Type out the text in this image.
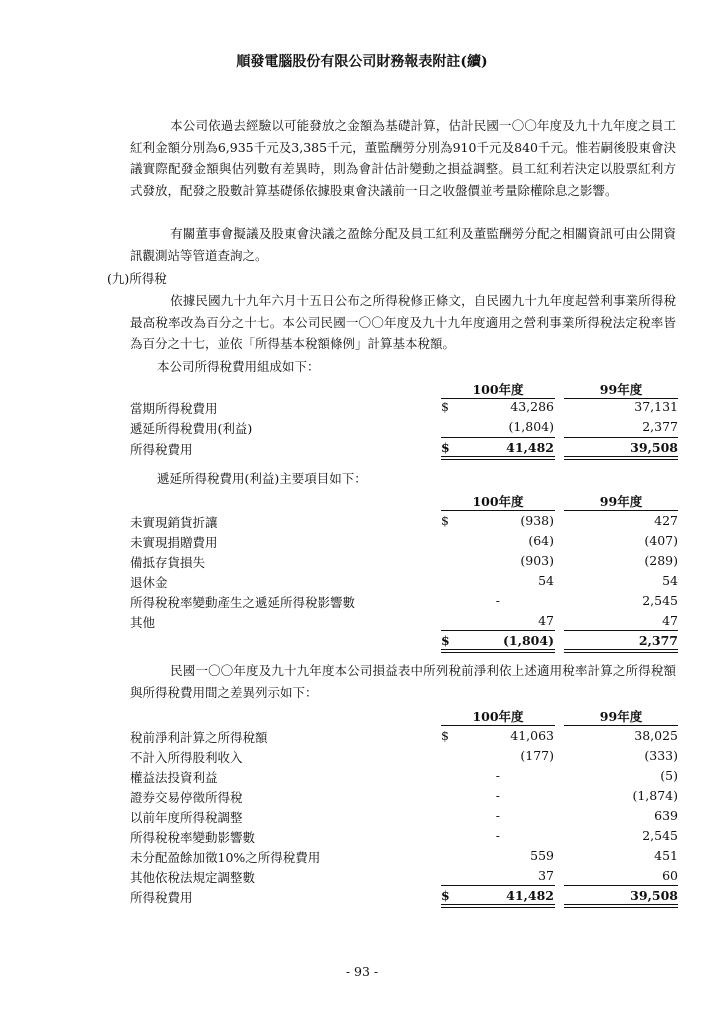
順發電腦股份有限公司財務報表附註(續)
本公司依過去經驗以可能發放之金額為基礎計算，估計民國一〇〇年度及九十九年度之員工紅利金額分別為6,935千元及3,385千元，董監酬勞分別為910千元及840千元。惟若嗣後股東會決議實際配發金額與估列數有差異時，則為會計估計變動之損益調整。員工紅利若決定以股票紅利方式發放，配發之股數計算基礎係依據股東會決議前一日之收盤價並考量除權除息之影響。
有關董事會擬議及股東會決議之盈餘分配及員工紅利及董監酬勞分配之相關資訊可由公開資訊觀測站等管道查詢之。
(九)所得稅
依據民國九十九年六月十五日公布之所得稅修正條文，自民國九十九年度起營利事業所得稅最高稅率改為百分之十七。本公司民國一〇〇年度及九十九年度適用之營利事業所得稅法定稅率皆為百分之十七，並依「所得基本稅額條例」計算基本稅額。
本公司所得稅費用組成如下：
100年度	99年度
當期所得稅費用	$	43,286	37,131
遞延所得稅費用(利益)	(1,804)	2,377
所得稅費用	$	41,482	39,508
遞延所得稅費用(利益)主要項目如下：
100年度	99年度
未實現銷貨折讓	$	(938)	427
未實現捐贈費用	(64)	(407)
備抵存貨損失	(903)	(289)
退休金	54	54
所得稅稅率變動產生之遞延所得稅影響數	-	2,545
其他	47	47
$	(1,804)	2,377
民國一〇〇年度及九十九年度本公司損益表中所列稅前淨利依上述適用稅率計算之所得稅額與所得稅費用間之差異列示如下：
100年度	99年度
稅前淨利計算之所得稅額	$	41,063	38,025
不計入所得股利收入	(177)	(333)
權益法投資利益	-	(5)
證券交易停徵所得稅	-	(1,874)
以前年度所得稅調整	-	639
所得稅稅率變動影響數	-	2,545
未分配盈餘加徵10%之所得稅費用	559	451
其他依稅法規定調整數	37	60
所得稅費用	$	41,482	39,508
- 93 -
